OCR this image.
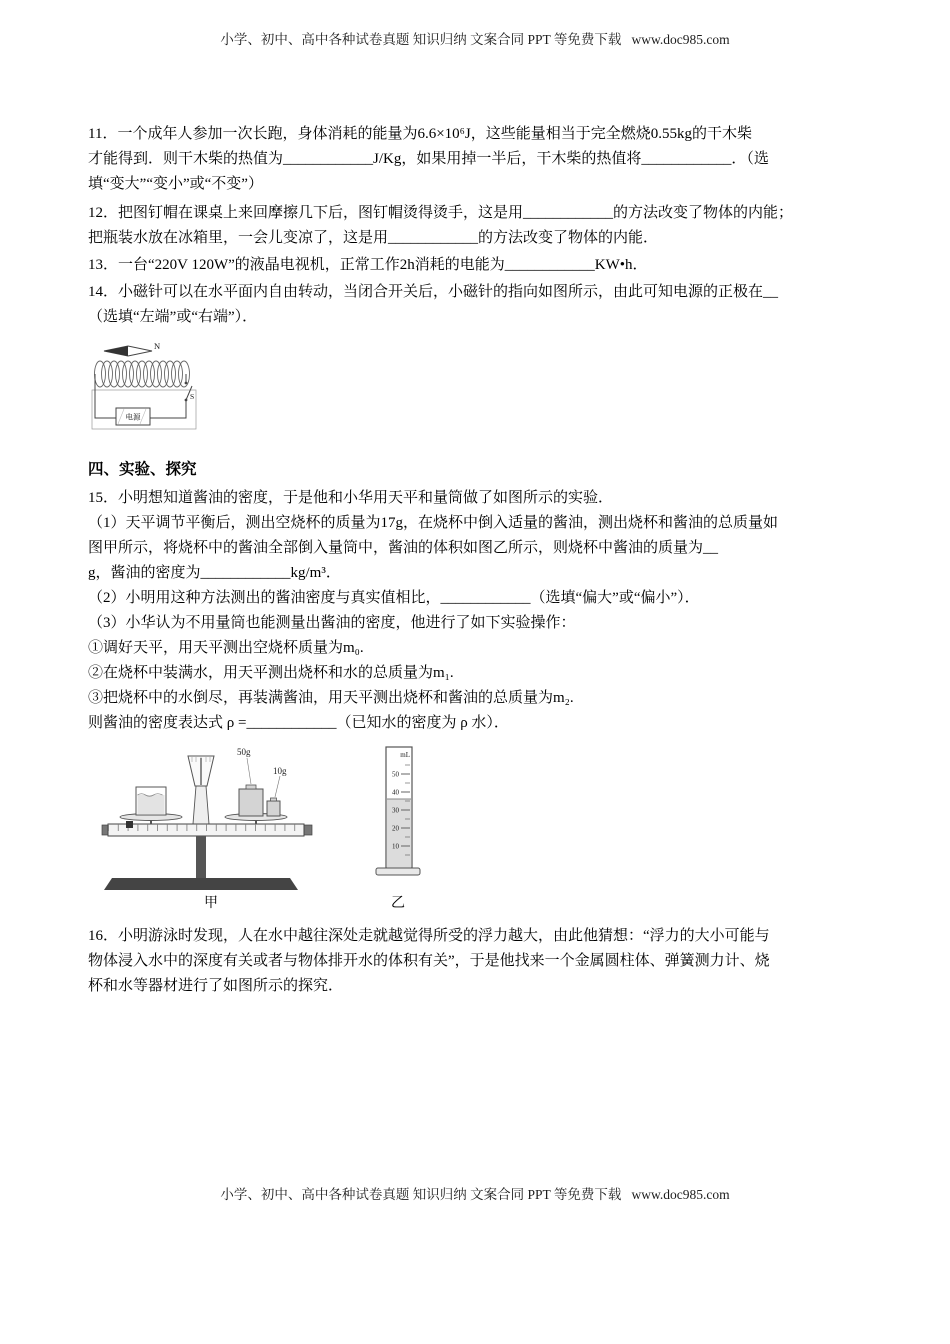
小学、初中、高中各种试卷真题 知识归纳 文案合同 PPT 等免费下载   www.doc985.com
11．一个成年人参加一次长跑，身体消耗的能量为6.6×10⁶J，这些能量相当于完全燃烧0.55kg的干木柴
才能得到．则干木柴的热值为____________J/Kg，如果用掉一半后，干木柴的热值将____________．（选
填“变大”“变小”或“不变”）
12．把图钉帽在课桌上来回摩擦几下后，图钉帽烫得烫手，这是用____________的方法改变了物体的内能；
把瓶装水放在冰箱里，一会儿变凉了，这是用____________的方法改变了物体的内能．
13．一台“220V 120W”的液晶电视机，正常工作2h消耗的电能为____________KW•h．
14．小磁针可以在水平面内自由转动，当闭合开关后，小磁针的指向如图所示，由此可知电源的正极在__
（选填“左端”或“右端”）．
N
S
电源
四、实验、探究
15．小明想知道酱油的密度，于是他和小华用天平和量筒做了如图所示的实验．
（1）天平调节平衡后，测出空烧杯的质量为17g，在烧杯中倒入适量的酱油，测出烧杯和酱油的总质量如
图甲所示，将烧杯中的酱油全部倒入量筒中，酱油的体积如图乙所示，则烧杯中酱油的质量为__
g，酱油的密度为____________kg/m³．
（2）小明用这种方法测出的酱油密度与真实值相比，____________（选填“偏大”或“偏小”）．
（3）小华认为不用量筒也能测量出酱油的密度，他进行了如下实验操作：
①调好天平，用天平测出空烧杯质量为m₀.
②在烧杯中装满水，用天平测出烧杯和水的总质量为m₁.
③把烧杯中的水倒尽，再装满酱油，用天平测出烧杯和酱油的总质量为m₂.
则酱油的密度表达式 ρ =____________（已知水的密度为 ρ 水）．
50g
10g
甲
mL
50
40
30
20
10
乙
16．小明游泳时发现，人在水中越往深处走就越觉得所受的浮力越大，由此他猜想：“浮力的大小可能与
物体浸入水中的深度有关或者与物体排开水的体积有关”，于是他找来一个金属圆柱体、弹簧测力计、烧
杯和水等器材进行了如图所示的探究．
小学、初中、高中各种试卷真题 知识归纳 文案合同 PPT 等免费下载   www.doc985.com
